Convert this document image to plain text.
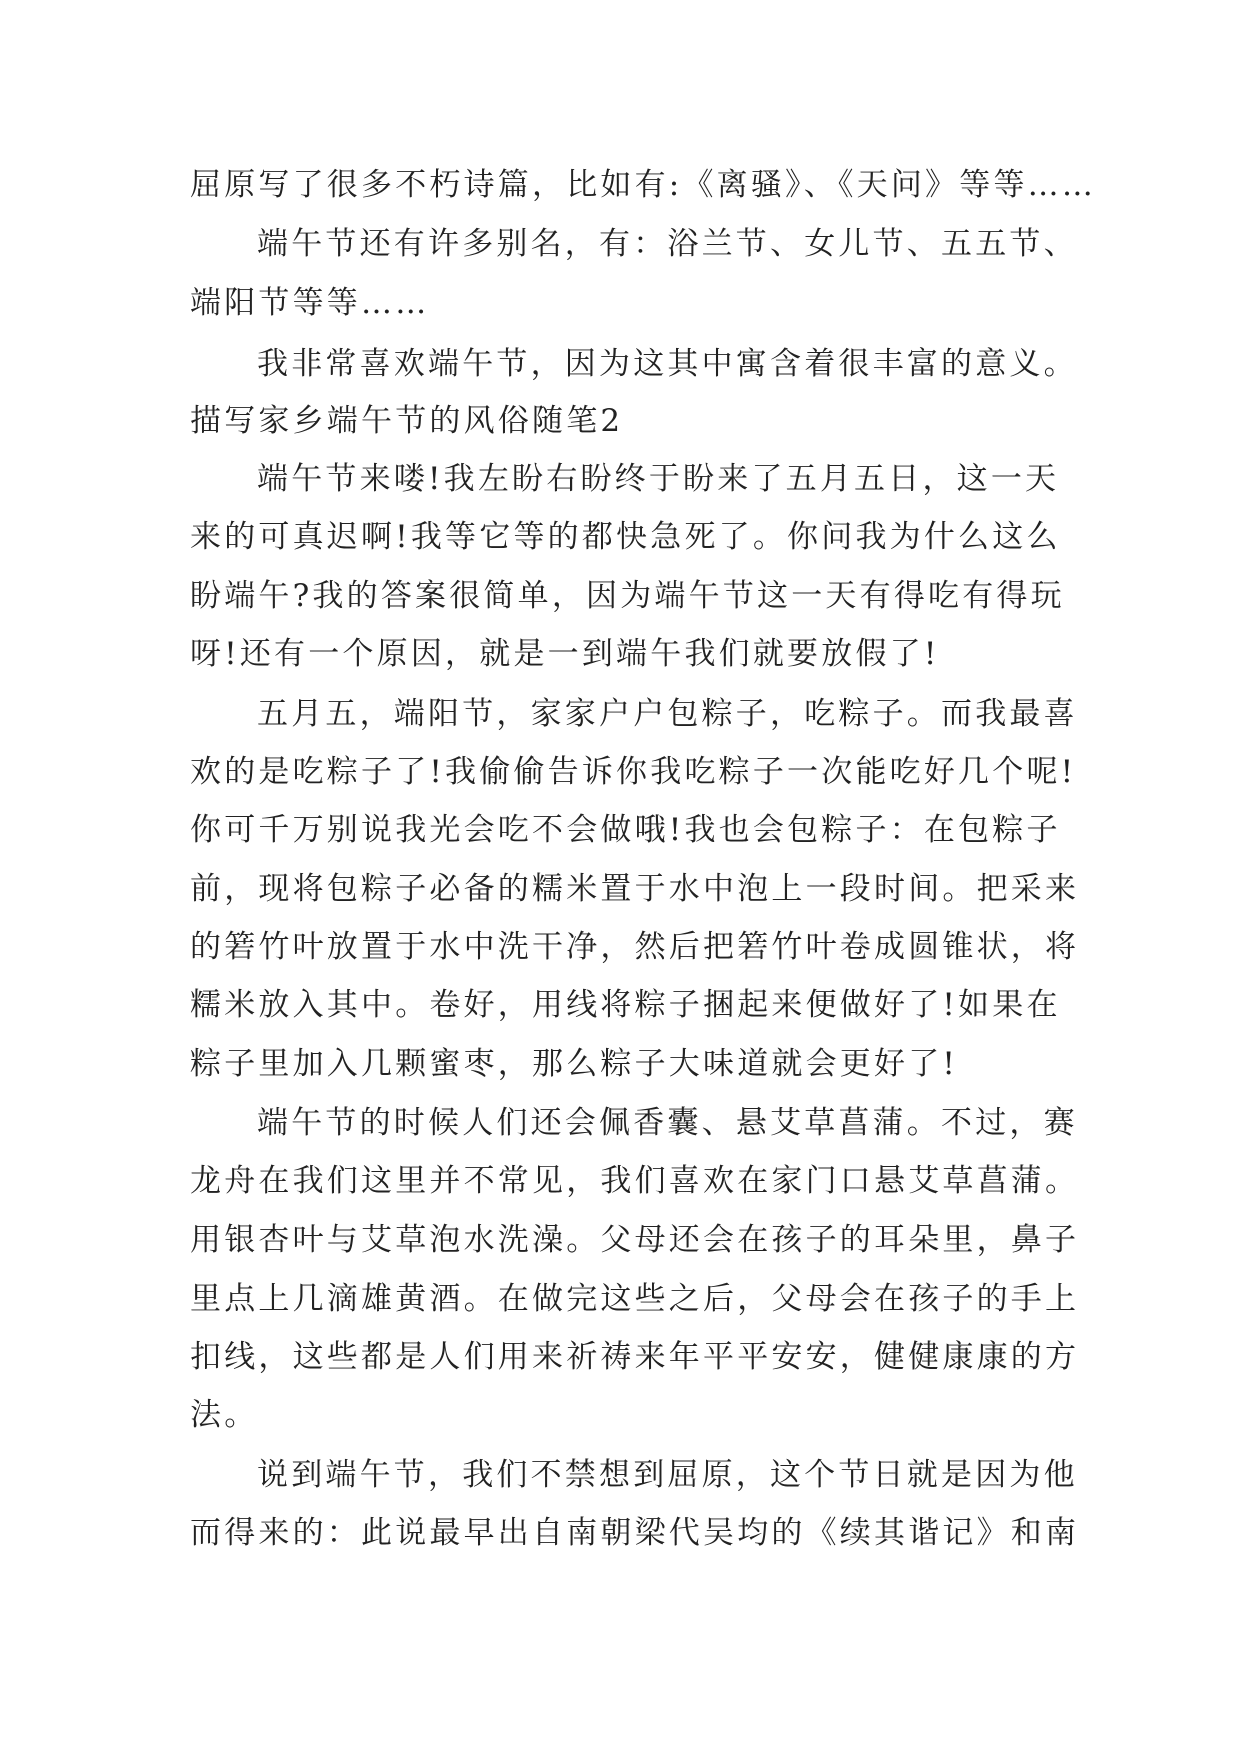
屈原写了很多不朽诗篇，比如有:《离骚》、《天问》等等……
端午节还有许多别名，有：浴兰节、女儿节、五五节、
端阳节等等……
我非常喜欢端午节，因为这其中寓含着很丰富的意义。
描写家乡端午节的风俗随笔2
端午节来喽!我左盼右盼终于盼来了五月五日，这一天
来的可真迟啊!我等它等的都快急死了。你问我为什么这么
盼端午?我的答案很简单，因为端午节这一天有得吃有得玩
呀!还有一个原因，就是一到端午我们就要放假了!
五月五，端阳节，家家户户包粽子，吃粽子。而我最喜
欢的是吃粽子了!我偷偷告诉你我吃粽子一次能吃好几个呢!
你可千万别说我光会吃不会做哦!我也会包粽子：在包粽子
前，现将包粽子必备的糯米置于水中泡上一段时间。把采来
的箬竹叶放置于水中洗干净，然后把箬竹叶卷成圆锥状，将
糯米放入其中。卷好，用线将粽子捆起来便做好了!如果在
粽子里加入几颗蜜枣，那么粽子大味道就会更好了!
端午节的时候人们还会佩香囊、悬艾草菖蒲。不过，赛
龙舟在我们这里并不常见，我们喜欢在家门口悬艾草菖蒲。
用银杏叶与艾草泡水洗澡。父母还会在孩子的耳朵里，鼻子
里点上几滴雄黄酒。在做完这些之后，父母会在孩子的手上
扣线，这些都是人们用来祈祷来年平平安安，健健康康的方
法。
说到端午节，我们不禁想到屈原，这个节日就是因为他
而得来的：此说最早出自南朝梁代吴均的《续其谐记》和南
